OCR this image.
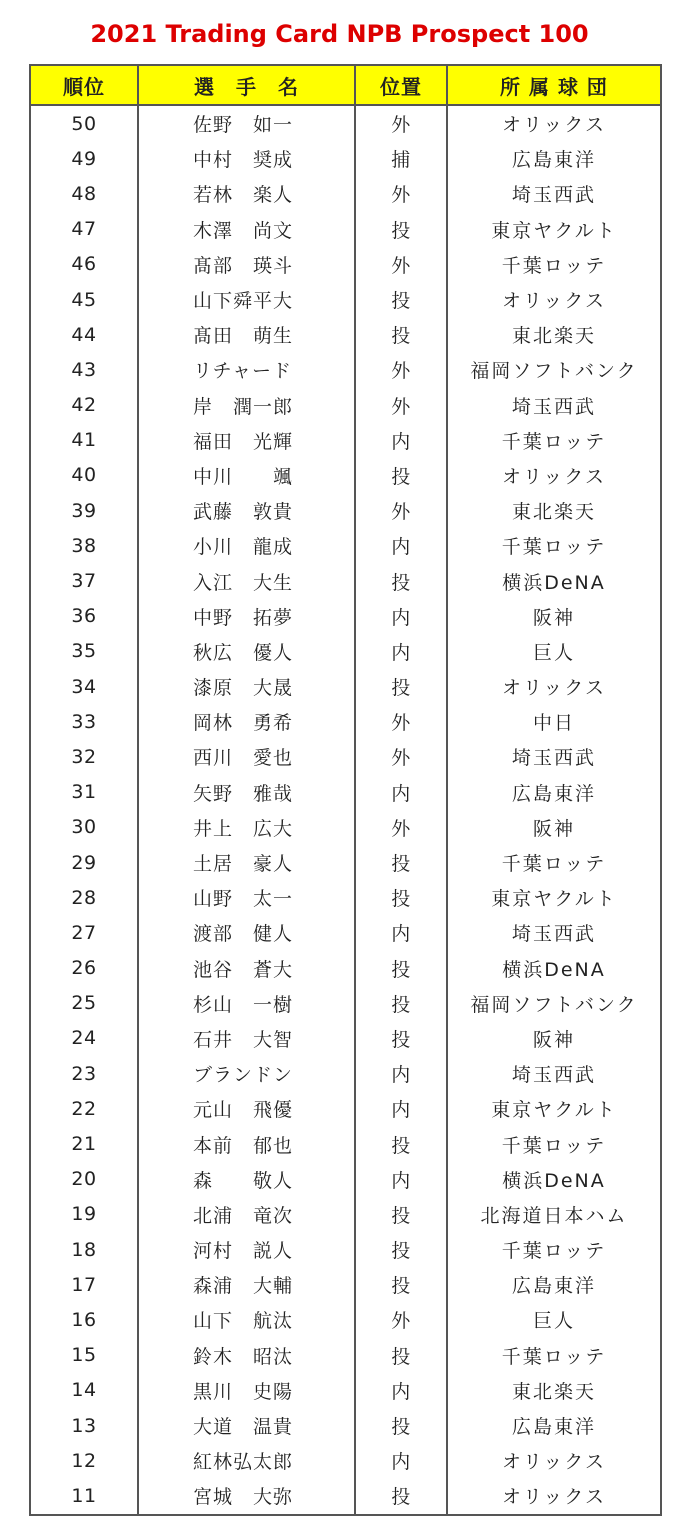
2021 Trading Card NPB Prospect 100
順位	選　手　名	位置	所 属 球 団
50	佐野　如一	外	オリックス
49	中村　奨成	捕	広島東洋
48	若林　楽人	外	埼玉西武
47	木澤　尚文	投	東京ヤクルト
46	髙部　瑛斗	外	千葉ロッテ
45	山下舜平大	投	オリックス
44	髙田　萌生	投	東北楽天
43	リチャード	外	福岡ソフトバンク
42	岸　潤一郎	外	埼玉西武
41	福田　光輝	内	千葉ロッテ
40	中川　　颯	投	オリックス
39	武藤　敦貴	外	東北楽天
38	小川　龍成	内	千葉ロッテ
37	入江　大生	投	横浜DeNA
36	中野　拓夢	内	阪神
35	秋広　優人	内	巨人
34	漆原　大晟	投	オリックス
33	岡林　勇希	外	中日
32	西川　愛也	外	埼玉西武
31	矢野　雅哉	内	広島東洋
30	井上　広大	外	阪神
29	土居　豪人	投	千葉ロッテ
28	山野　太一	投	東京ヤクルト
27	渡部　健人	内	埼玉西武
26	池谷　蒼大	投	横浜DeNA
25	杉山　一樹	投	福岡ソフトバンク
24	石井　大智	投	阪神
23	ブランドン	内	埼玉西武
22	元山　飛優	内	東京ヤクルト
21	本前　郁也	投	千葉ロッテ
20	森　　敬人	内	横浜DeNA
19	北浦　竜次	投	北海道日本ハム
18	河村　説人	投	千葉ロッテ
17	森浦　大輔	投	広島東洋
16	山下　航汰	外	巨人
15	鈴木　昭汰	投	千葉ロッテ
14	黒川　史陽	内	東北楽天
13	大道　温貴	投	広島東洋
12	紅林弘太郎	内	オリックス
11	宮城　大弥	投	オリックス
